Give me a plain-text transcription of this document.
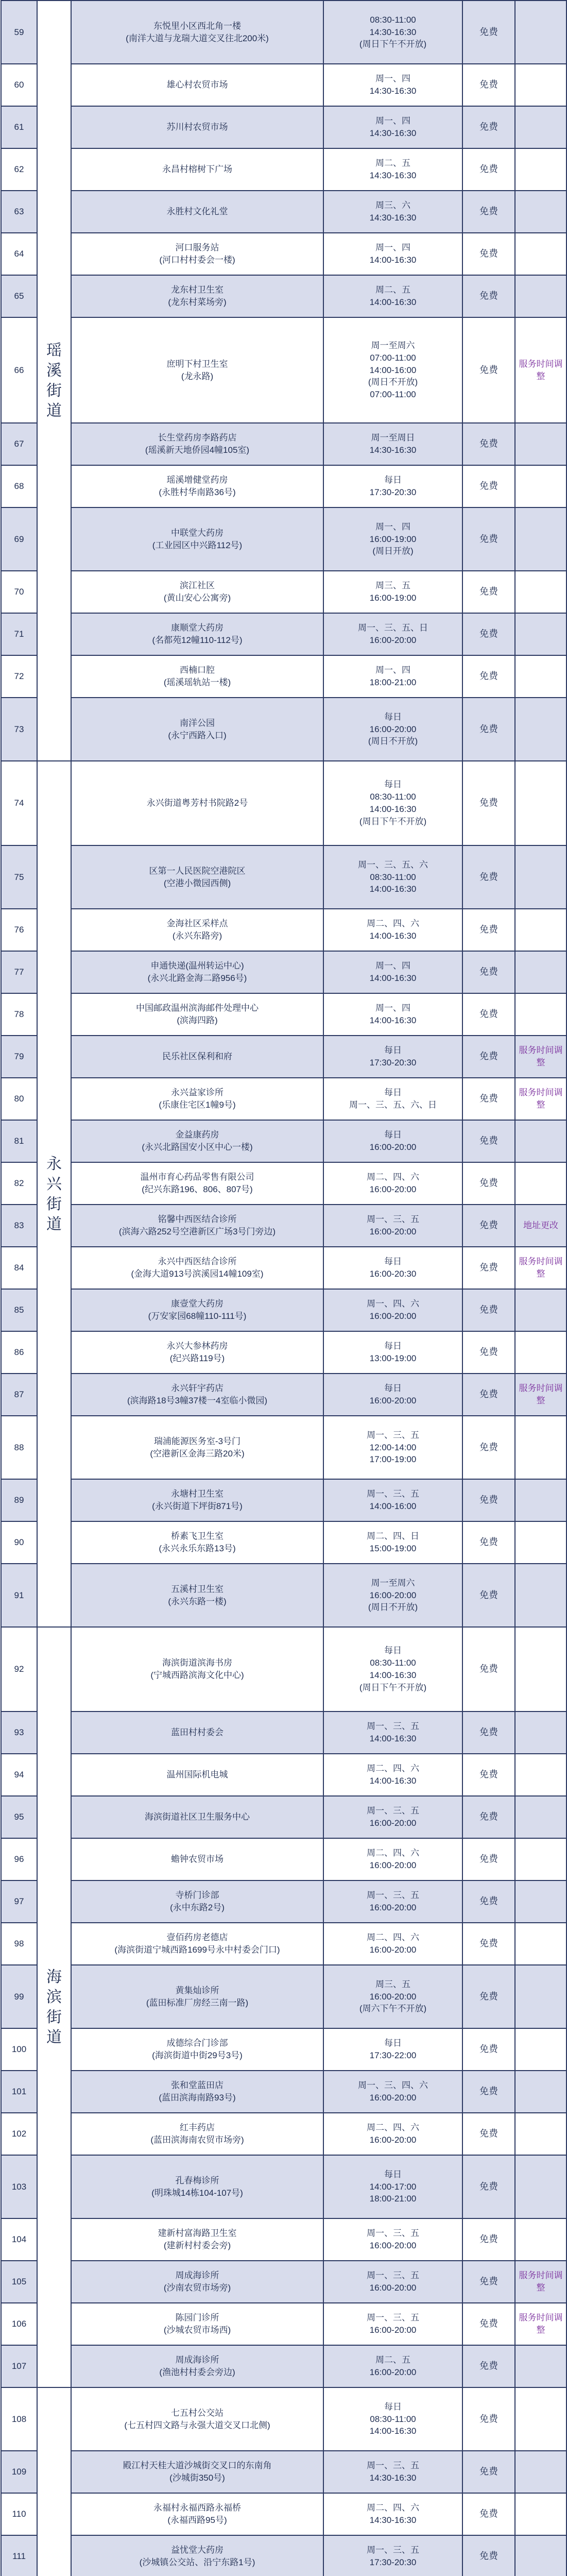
59	瑶
溪
街
道	东悦里小区西北角一楼
(南洋大道与龙瑞大道交叉往北200米)	08:30-11:00
14:30-16:30
(周日下午不开放)	免费	
60		雄心村农贸市场	周一、四
14:30-16:30	免费	
61		苏川村农贸市场	周一、四
14:30-16:30	免费	
62		永昌村榕树下广场	周二、五
14:30-16:30	免费	
63		永胜村文化礼堂	周三、六
14:30-16:30	免费	
64		河口服务站
(河口村村委会一楼)	周一、四
14:00-16:30	免费	
65		龙东村卫生室
(龙东村菜场旁)	周二、五
14:00-16:30	免费	
66		庶明下村卫生室
(龙永路)	周一至周六
07:00-11:00
14:00-16:00
(周日不开放)
07:00-11:00	免费	服务时间调整
67		长生堂药房李路药店
(瑶溪新天地侨园4幢105室)	周一至周日
14:30-16:30	免费	
68		瑶溪增健堂药房
(永胜村华南路36号)	每日
17:30-20:30	免费	
69		中联堂大药房
(工业园区中兴路112号)	周一、四
16:00-19:00
(周日开放)	免费	
70		滨江社区
(黄山安心公寓旁)	周三、五
16:00-19:00	免费	
71		康顺堂大药房
(名都苑12幢110-112号)	周一、三、五、日
16:00-20:00	免费	
72		西楠口腔
(瑶溪瑶轨站一楼)	周一、四
18:00-21:00	免费	
73		南洋公园
(永宁西路入口)	每日
16:00-20:00
(周日不开放)	免费	
74	永
兴
街
道	永兴街道粤芳村书院路2号	每日
08:30-11:00
14:00-16:30
(周日下午不开放)	免费	
75		区第一人民医院空港院区
(空港小微园西侧)	周一、三、五、六
08:30-11:00
14:00-16:30	免费	
76		金海社区采样点
(永兴东路旁)	周二、四、六
14:00-16:30	免费	
77		申通快递(温州转运中心)
(永兴北路金海二路956号)	周一、四
14:00-16:30	免费	
78		中国邮政温州滨海邮件处理中心
(滨海四路)	周一、四
14:00-16:30	免费	
79		民乐社区保利和府	每日
17:30-20:30	免费	服务时间调整
80		永兴益家诊所
(乐康住宅区1幢9号)	每日
周一、三、五、六、日	免费	服务时间调整
81		金益康药房
(永兴北路国安小区中心一楼)	每日
16:00-20:00	免费	
82		温州市育心药品零售有限公司
(纪兴东路196、806、807号)	周二、四、六
16:00-20:00	免费	
83		铭馨中西医结合诊所
(滨海六路252号空港新区广场3号门旁边)	周一、三、五
16:00-20:00	免费	地址更改
84		永兴中西医结合诊所
(金海大道913号滨溪园14幢109室)	每日
16:00-20:30	免费	服务时间调整
85		康壹堂大药房
(万安家园68幢110-111号)	周一、四、六
16:00-20:00	免费	
86		永兴大参林药房
(纪兴路119号)	每日
13:00-19:00	免费	
87		永兴轩宇药店
(滨海路18号3幢37楼一4室临小微园)	每日
16:00-20:00	免费	服务时间调整
88		瑞浦能源医务室-3号门
(空港新区金海三路20米)	周一、三、五
12:00-14:00
17:00-19:00	免费	
89		永塘村卫生室
(永兴街道下坪街871号)	周一、三、五
14:00-16:00	免费	
90		桥素飞卫生室
(永兴永乐东路13号)	周二、四、日
15:00-19:00	免费	
91		五溪村卫生室
(永兴东路一楼)	周一至周六
16:00-20:00
(周日不开放)	免费	
92	海
滨
街
道	海滨街道滨海书房
(宁城西路滨海文化中心)	每日
08:30-11:00
14:00-16:30
(周日下午不开放)	免费	
93		蓝田村村委会	周一、三、五
14:00-16:30	免费	
94		温州国际机电城	周二、四、六
14:00-16:30	免费	
95		海滨街道社区卫生服务中心	周一、三、五
16:00-20:00	免费	
96		蟾钟农贸市场	周二、四、六
16:00-20:00	免费	
97		寺桥门诊部
(永中东路2号)	周一、三、五
16:00-20:00	免费	
98		壹佰药房老德店
(海滨街道宁城西路1699号永中村委会门口)	周二、四、六
16:00-20:00	免费	
99		黄集灿诊所
(蓝田标准厂房经三南一路)	周三、五
16:00-20:00
(周六下午不开放)	免费	
100		成德综合门诊部
(海滨街道中街29号3号)	每日
17:30-22:00	免费	
101		张和堂蓝田店
(蓝田滨海南路93号)	周一、三、四、六
16:00-20:00	免费	
102		红丰药店
(蓝田滨海南农贸市场旁)	周二、四、六
16:00-20:00	免费	
103		孔春梅诊所
(明珠城14栋104-107号)	每日
14:00-17:00
18:00-21:00	免费	
104		建新村富海路卫生室
(建新村村委会旁)	周一、三、五
16:00-20:00	免费	
105		周成海诊所
(沙南农贸市场旁)	周一、三、五
16:00-20:00	免费	服务时间调整
106		陈园门诊所
(沙城农贸市场西)	周一、三、五
16:00-20:00	免费	服务时间调整
107		周成海诊所
(渔池村村委会旁边)	周二、五
16:00-20:00	免费	
108		七五村公交站
(七五村四文路与永强大道交叉口北侧)	每日
08:30-11:00
14:00-16:30	免费	
109		殿江村天桂大道沙城街交叉口的东南角
(沙城街350号)	周一、三、五
14:30-16:30	免费	
110		永福村永福西路永福桥
(永福西路95号)	周二、四、六
14:30-16:30	免费	
111		益忧堂大药房
(沙城镇公交站、沿宁东路1号)	周一、三、五
17:30-20:30	免费	
